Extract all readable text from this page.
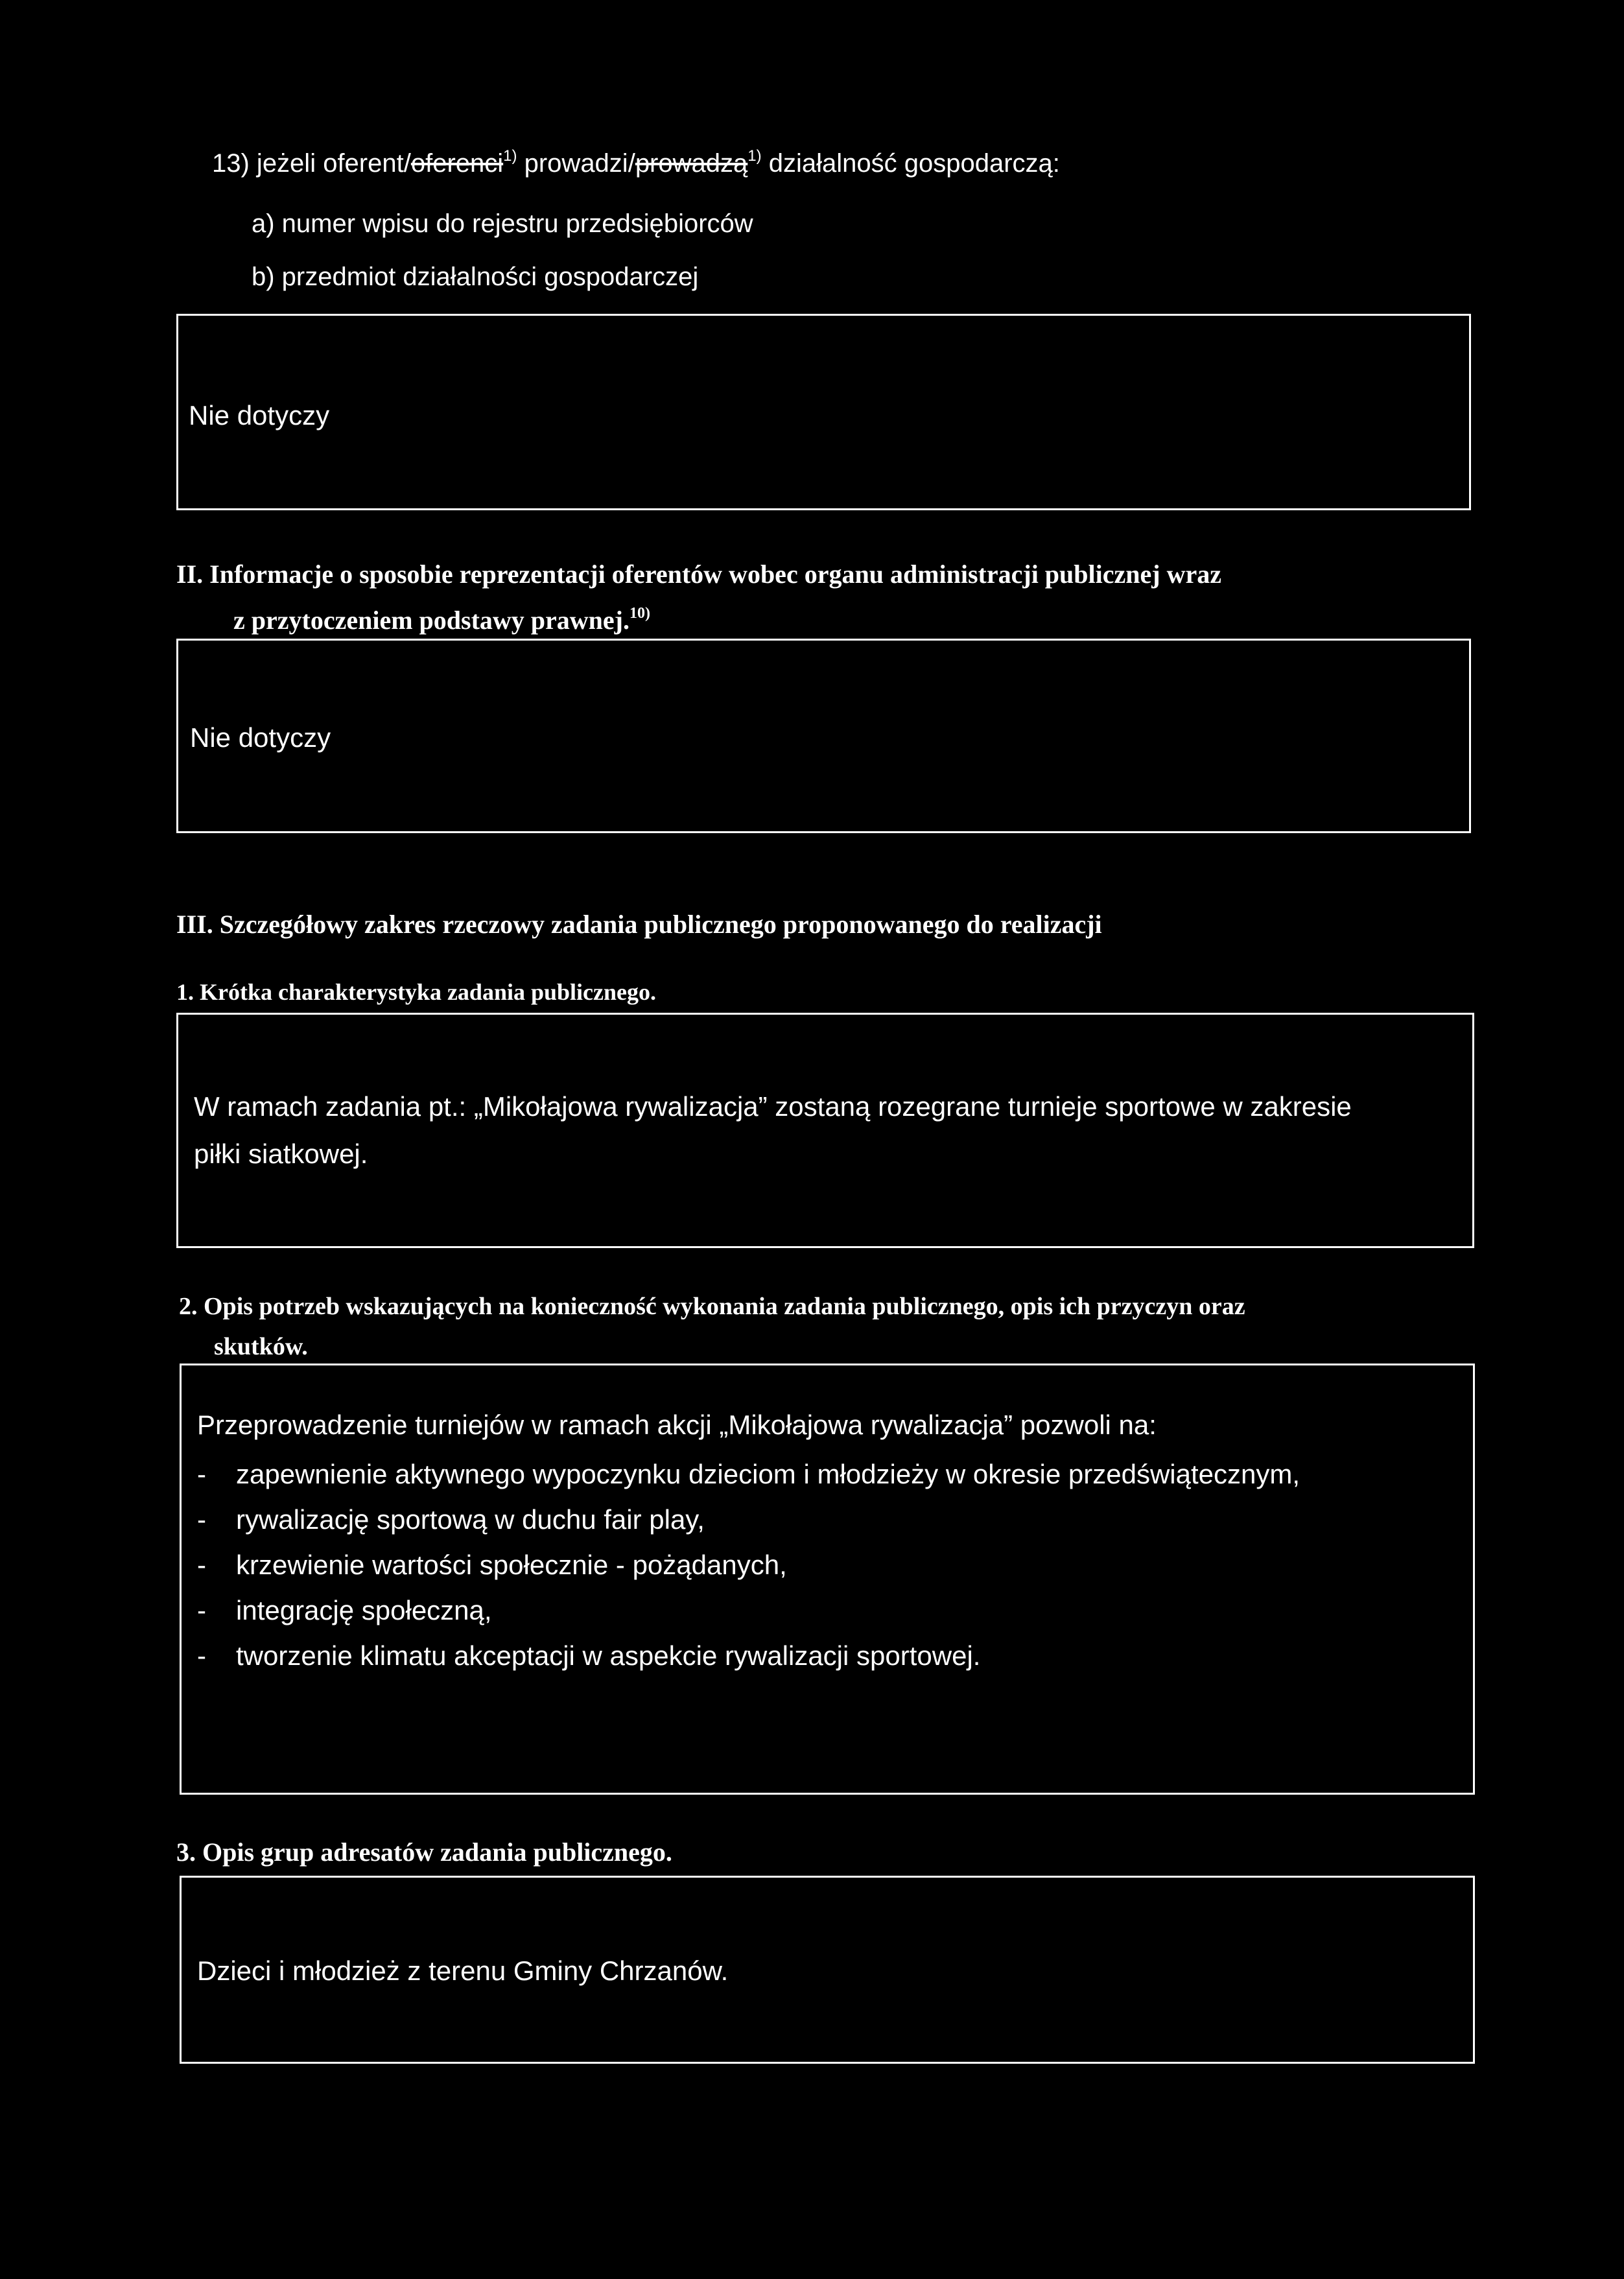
13) jeżeli oferent/oferenci$^{1)}$ prowadzi/prowadzą$^{1)}$ działalność gospodarczą:
a) numer wpisu do rejestru przedsiębiorców
b) przedmiot działalności gospodarczej
Nie dotyczy
II. Informacje o sposobie reprezentacji oferentów wobec organu administracji publicznej wraz
z przytoczeniem podstawy prawnej.$^{10)}$
Nie dotyczy
III. Szczegółowy zakres rzeczowy zadania publicznego proponowanego do realizacji
1. Krótka charakterystyka zadania publicznego.
W ramach zadania pt.: „Mikołajowa rywalizacja” zostaną rozegrane turnieje sportowe w zakresie
piłki siatkowej.
2. Opis potrzeb wskazujących na konieczność wykonania zadania publicznego, opis ich przyczyn oraz
skutków.
Przeprowadzenie turniejów w ramach akcji „Mikołajowa rywalizacja” pozwoli na:
- zapewnienie aktywnego wypoczynku dzieciom i młodzieży w okresie przedświątecznym,
- rywalizację sportową w duchu fair play,
- krzewienie wartości społecznie - pożądanych,
- integrację społeczną,
- tworzenie klimatu akceptacji w aspekcie rywalizacji sportowej.
3. Opis grup adresatów zadania publicznego.
Dzieci i młodzież z terenu Gminy Chrzanów.
